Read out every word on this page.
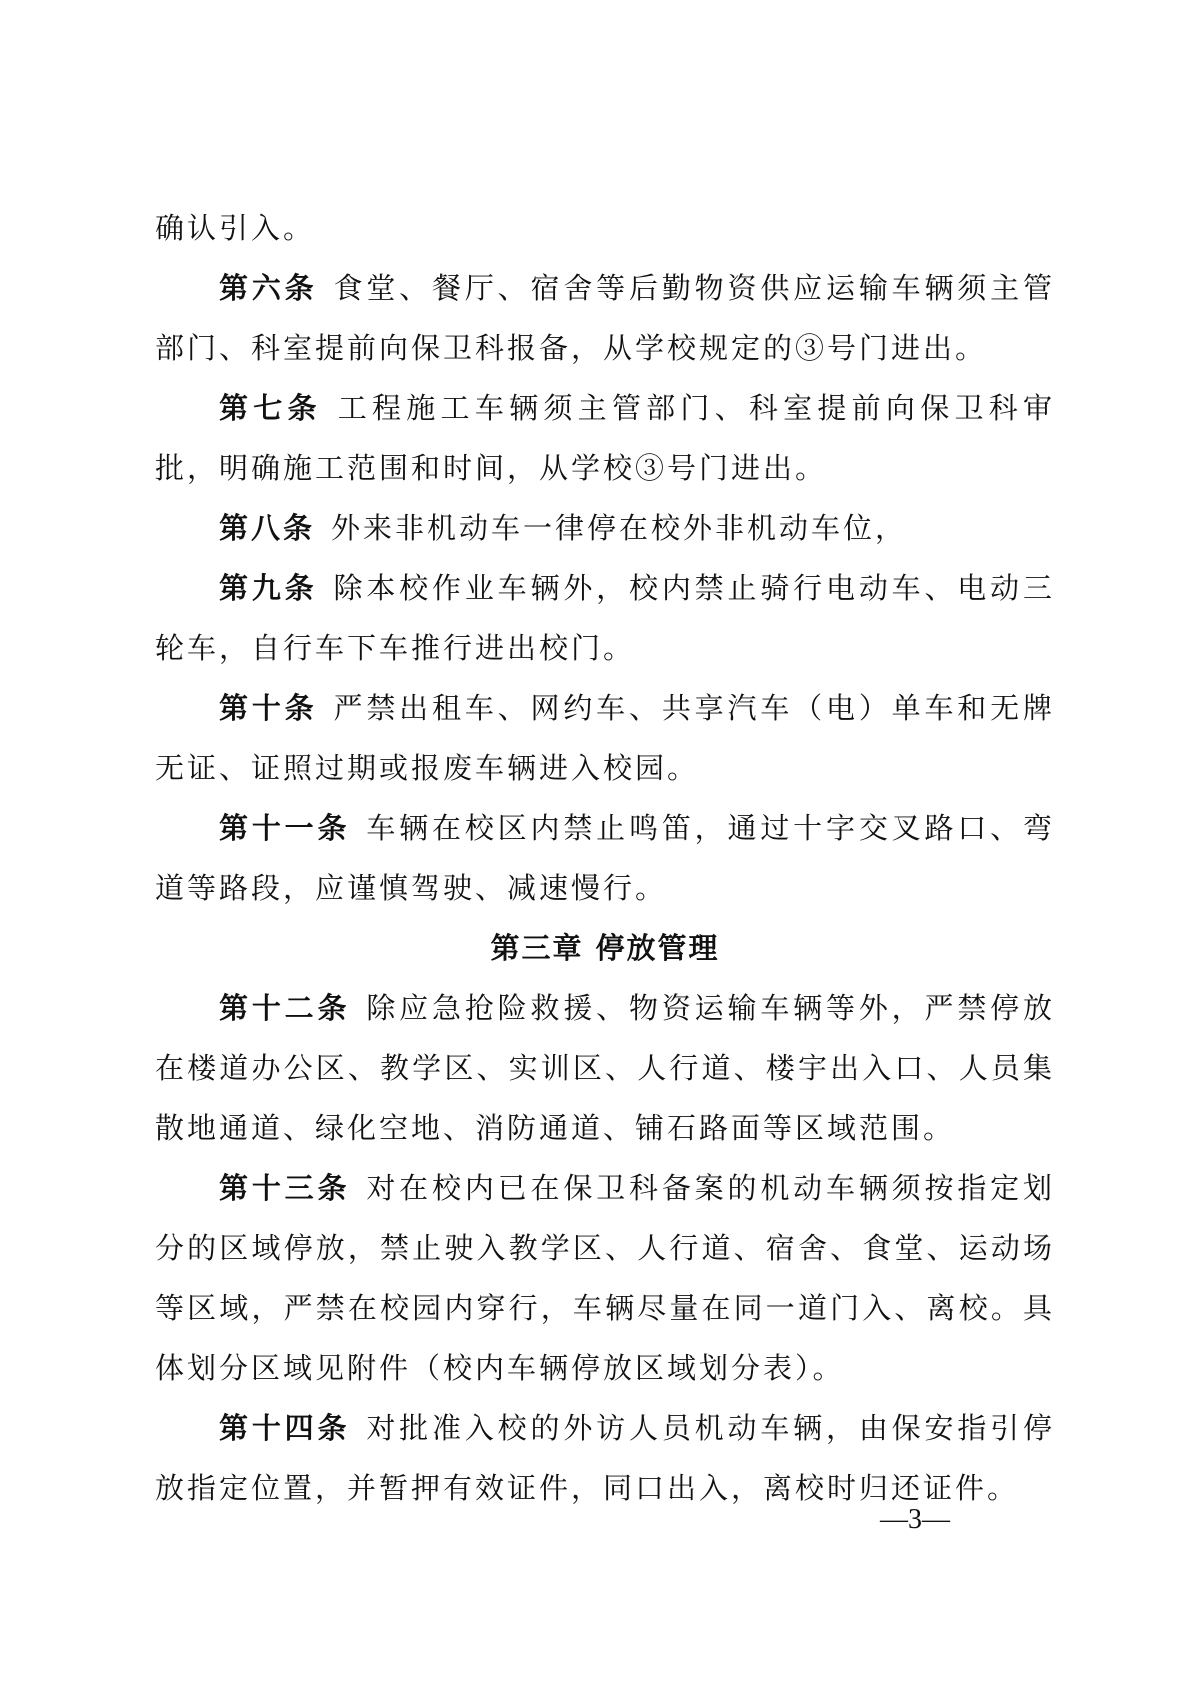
确认引入。

第六条 食堂、餐厅、宿舍等后勤物资供应运输车辆须主管部门、科室提前向保卫科报备，从学校规定的③号门进出。

第七条 工程施工车辆须主管部门、科室提前向保卫科审批，明确施工范围和时间，从学校③号门进出。

第八条 外来非机动车一律停在校外非机动车位，

第九条 除本校作业车辆外，校内禁止骑行电动车、电动三轮车，自行车下车推行进出校门。

第十条 严禁出租车、网约车、共享汽车（电）单车和无牌无证、证照过期或报废车辆进入校园。

第十一条 车辆在校区内禁止鸣笛，通过十字交叉路口、弯道等路段，应谨慎驾驶、减速慢行。

第三章 停放管理

第十二条 除应急抢险救援、物资运输车辆等外，严禁停放在楼道办公区、教学区、实训区、人行道、楼宇出入口、人员集散地通道、绿化空地、消防通道、铺石路面等区域范围。

第十三条 对在校内已在保卫科备案的机动车辆须按指定划分的区域停放，禁止驶入教学区、人行道、宿舍、食堂、运动场等区域，严禁在校园内穿行，车辆尽量在同一道门入、离校。具体划分区域见附件（校内车辆停放区域划分表）。

第十四条 对批准入校的外访人员机动车辆，由保安指引停放指定位置，并暂押有效证件，同口出入，离校时归还证件。

—3—
